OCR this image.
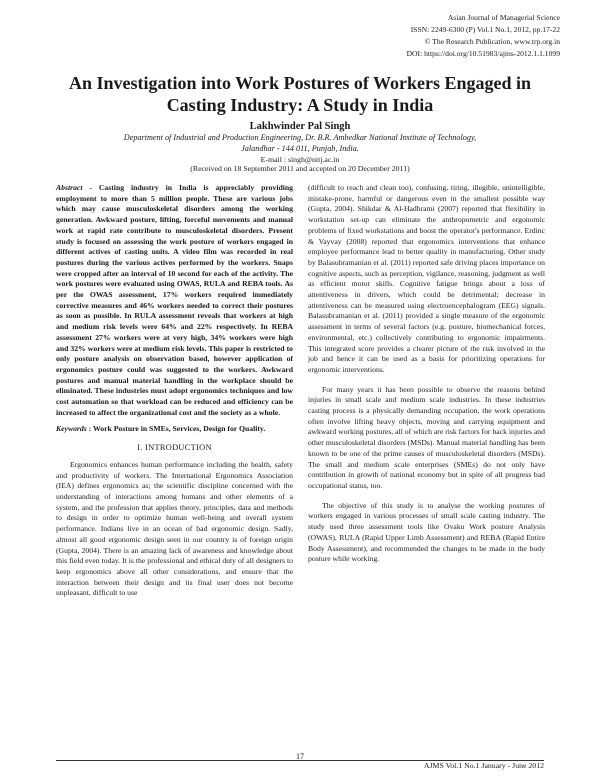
Asian Journal of Managerial Science
ISSN: 2249-6300 (P) Vol.1 No.1, 2012, pp.17-22
© The Research Publication, www.trp.org.in
DOI: https://doi.org/10.51983/ajms-2012.1.1.1099
An Investigation into Work Postures of Workers Engaged in Casting Industry: A Study in India
Lakhwinder Pal Singh
Department of Industrial and Production Engineering, Dr. B.R. Ambedkar National Institute of Technology,
Jalandhar - 144 011, Punjab, India.
E-mail : singh@nitj.ac.in
(Received on 18 September 2011 and accepted on 20 December 2011)

Abstract - Casting industry in India is appreciably providing employment to more than 5 million people. These are various jobs which may cause musculoskeletal disorders among the working generation. Awkward posture, lifting, forceful movements and manual work at rapid rate contribute to musculoskeletal disorders. Present study is focused on assessing the work posture of workers engaged in different actives of casting units. A video film was recorded in real postures during the various actives performed by the workers. Snaps were cropped after an interval of 10 second for each of the activity. The work postures were evaluated using OWAS, RULA and REBA tools. As per the OWAS assessment, 17% workers required immediately corrective measures and 46% workers needed to correct their postures as soon as possible. In RULA assessment reveals that workers at high and medium risk levels were 64% and 22% respectively. In REBA assessment 27% workers were at very high, 34% workers were high and 32% workers were at medium risk levels. This paper is restricted to only posture analysis on observation based, however application of ergonomics posture could was suggested to the workers. Awkward postures and manual material handling in the workplace should be eliminated. These industries must adopt ergonomics techniques and low cost automation so that workload can be reduced and efficiency can be increased to affect the organizational cost and the society as a whole.

Keywords : Work Posture in SMEs, Services, Design for Quality.

I. INTRODUCTION

Ergonomics enhances human performance including the health, safety and productivity of workers. The International Ergonomics Association (IEA) defines ergonomics as; the scientific discipline concerned with the understanding of interactions among humans and other elements of a system, and the profession that applies theory, principles, data and methods to design in order to optimize human well-being and overall system performance. Indians live in an ocean of bad ergonomic design. Sadly, almost all good ergonomic design seen in our country is of foreign origin (Gupta, 2004). There is an amazing lack of awareness and knowledge about this field even today. It is the professional and ethical duty of all designers to keep ergonomics above all other considerations, and ensure that the interaction between their design and its final user does not become unpleasant, difficult to use

(difficult to reach and clean too), confusing, tiring, illegible, unintelligible, mistake-prone, harmful or dangerous even in the smallest possible way (Gupta, 2004). Shikdar & Al-Hadhrami (2007) reported that flexibility in workstation set-up can eliminate the anthropometric and ergonomic problems of fixed workstations and boost the operator's performance. Erdinc & Vayvay (2008) reported that ergonomics interventions that enhance employee performance lead to better quality in manufacturing. Other study by Balasubramanian et al. (2011) reported safe driving places importance on cognitive aspects, such as perception, vigilance, reasoning, judgment as well as efficient motor skills. Cognitive fatigue brings about a loss of attentiveness in drivers, which could be detrimental; decrease in attentiveness can be measured using electroencephalogram (EEG) signals. Balasubramanian et al. (2011) provided a single measure of the ergonomic assessment in terms of several factors (e.g. posture, biomechanical forces, environmental, etc.) collectively contributing to ergonomic impairments. This integrated score provides a clearer picture of the risk involved in the job and hence it can be used as a basis for prioritizing operations for ergonomic interventions.

For many years it has been possible to observe the reasons behind injuries in small scale and medium scale industries. In these industries casting process is a physically demanding occupation, the work operations often involve lifting heavy objects, moving and carrying equipment and awkward working postures, all of which are risk factors for back injuries and other musculoskeletal disorders (MSDs). Manual material handling has been known to be one of the prime causes of musculoskeletal disorders (MSDs). The small and medium scale enterprises (SMEs) do not only have contribution in growth of national economy but in spite of all progress bad occupational status, too.

The objective of this study is to analyse the working postures of workers engaged in various processes of small scale casting industry. The study used three assessment tools like Ovaku Work posture Analysis (OWAS), RULA (Rapid Upper Limb Assessment) and REBA (Rapid Entire Body Assessment), and recommended the changes to be made in the body posture while working.

17
AJMS Vol.1 No.1 January - June 2012
